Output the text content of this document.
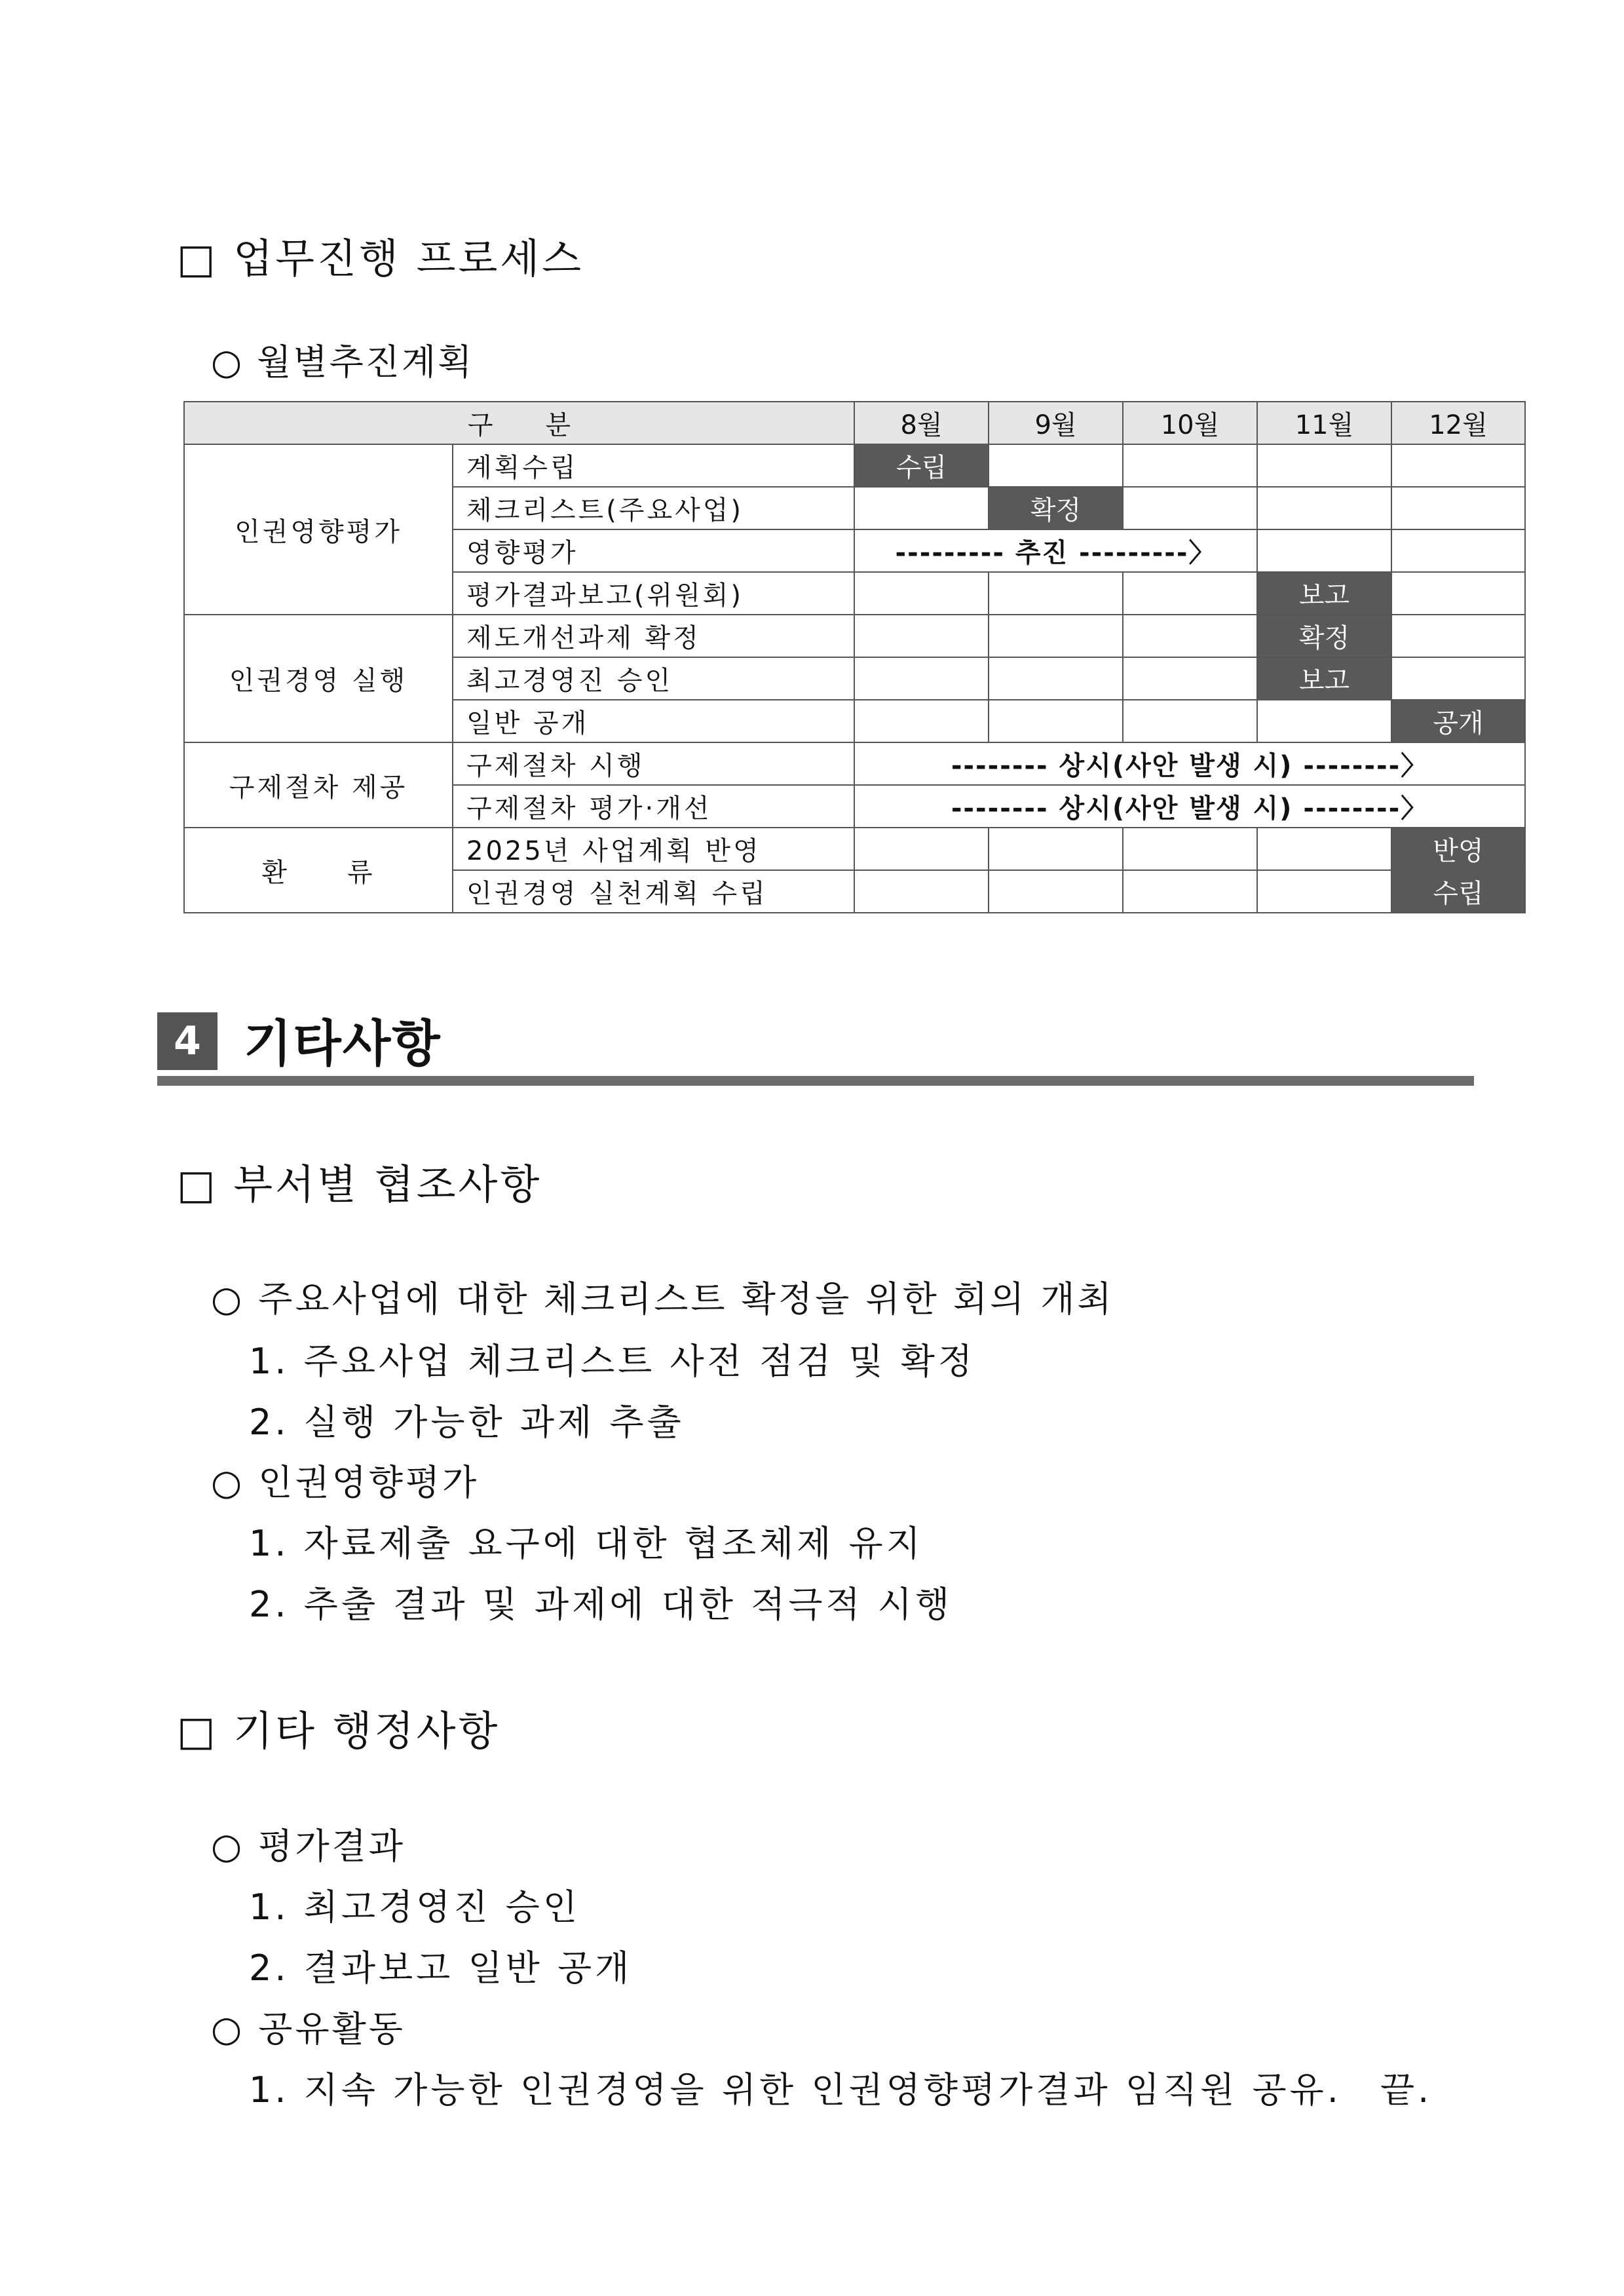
□ 업무진행 프로세스
○ 월별추진계획
구　　분		8월	9월	10월	11월	12월
인권영향평가	계획수립	수립				
	체크리스트(주요사업)		확정			
	영향평가	--------- 추진 ---------〉				
	평가결과보고(위원회)				보고	
인권경영 실행	제도개선과제 확정				확정	
	최고경영진 승인				보고	
	일반 공개					공개
구제절차 제공	구제절차 시행	-------- 상시(사안 발생 시) --------〉				
	구제절차 평가·개선	-------- 상시(사안 발생 시) --------〉				
환　　류	2025년 사업계획 반영					반영
	인권경영 실천계획 수립					수립
4 기타사항
□ 부서별 협조사항
○ 주요사업에 대한 체크리스트 확정을 위한 회의 개최
1. 주요사업 체크리스트 사전 점검 및 확정
2. 실행 가능한 과제 추출
○ 인권영향평가
1. 자료제출 요구에 대한 협조체제 유지
2. 추출 결과 및 과제에 대한 적극적 시행
□ 기타 행정사항
○ 평가결과
1. 최고경영진 승인
2. 결과보고 일반 공개
○ 공유활동
1. 지속 가능한 인권경영을 위한 인권영향평가결과 임직원 공유.　끝.
